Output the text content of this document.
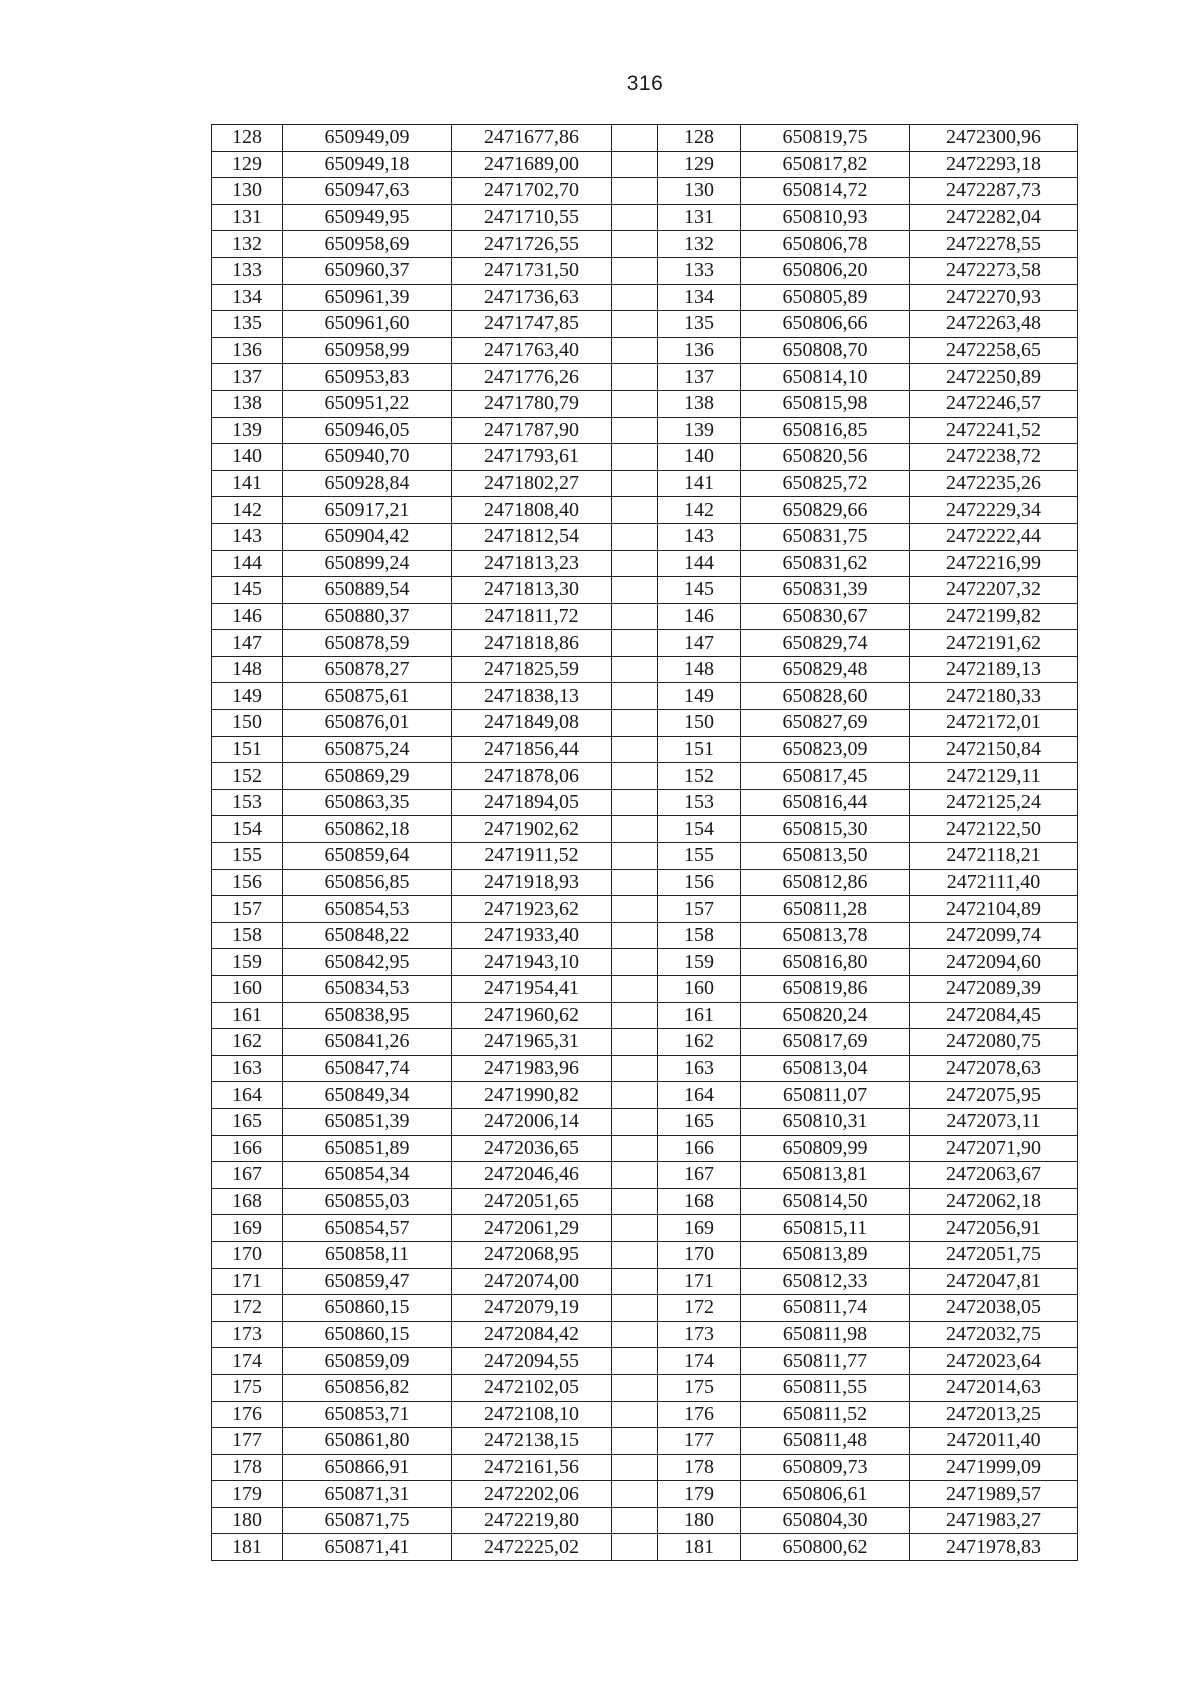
316
128	650949,09	2471677,86		128	650819,75	2472300,96
129	650949,18	2471689,00		129	650817,82	2472293,18
130	650947,63	2471702,70		130	650814,72	2472287,73
131	650949,95	2471710,55		131	650810,93	2472282,04
132	650958,69	2471726,55		132	650806,78	2472278,55
133	650960,37	2471731,50		133	650806,20	2472273,58
134	650961,39	2471736,63		134	650805,89	2472270,93
135	650961,60	2471747,85		135	650806,66	2472263,48
136	650958,99	2471763,40		136	650808,70	2472258,65
137	650953,83	2471776,26		137	650814,10	2472250,89
138	650951,22	2471780,79		138	650815,98	2472246,57
139	650946,05	2471787,90		139	650816,85	2472241,52
140	650940,70	2471793,61		140	650820,56	2472238,72
141	650928,84	2471802,27		141	650825,72	2472235,26
142	650917,21	2471808,40		142	650829,66	2472229,34
143	650904,42	2471812,54		143	650831,75	2472222,44
144	650899,24	2471813,23		144	650831,62	2472216,99
145	650889,54	2471813,30		145	650831,39	2472207,32
146	650880,37	2471811,72		146	650830,67	2472199,82
147	650878,59	2471818,86		147	650829,74	2472191,62
148	650878,27	2471825,59		148	650829,48	2472189,13
149	650875,61	2471838,13		149	650828,60	2472180,33
150	650876,01	2471849,08		150	650827,69	2472172,01
151	650875,24	2471856,44		151	650823,09	2472150,84
152	650869,29	2471878,06		152	650817,45	2472129,11
153	650863,35	2471894,05		153	650816,44	2472125,24
154	650862,18	2471902,62		154	650815,30	2472122,50
155	650859,64	2471911,52		155	650813,50	2472118,21
156	650856,85	2471918,93		156	650812,86	2472111,40
157	650854,53	2471923,62		157	650811,28	2472104,89
158	650848,22	2471933,40		158	650813,78	2472099,74
159	650842,95	2471943,10		159	650816,80	2472094,60
160	650834,53	2471954,41		160	650819,86	2472089,39
161	650838,95	2471960,62		161	650820,24	2472084,45
162	650841,26	2471965,31		162	650817,69	2472080,75
163	650847,74	2471983,96		163	650813,04	2472078,63
164	650849,34	2471990,82		164	650811,07	2472075,95
165	650851,39	2472006,14		165	650810,31	2472073,11
166	650851,89	2472036,65		166	650809,99	2472071,90
167	650854,34	2472046,46		167	650813,81	2472063,67
168	650855,03	2472051,65		168	650814,50	2472062,18
169	650854,57	2472061,29		169	650815,11	2472056,91
170	650858,11	2472068,95		170	650813,89	2472051,75
171	650859,47	2472074,00		171	650812,33	2472047,81
172	650860,15	2472079,19		172	650811,74	2472038,05
173	650860,15	2472084,42		173	650811,98	2472032,75
174	650859,09	2472094,55		174	650811,77	2472023,64
175	650856,82	2472102,05		175	650811,55	2472014,63
176	650853,71	2472108,10		176	650811,52	2472013,25
177	650861,80	2472138,15		177	650811,48	2472011,40
178	650866,91	2472161,56		178	650809,73	2471999,09
179	650871,31	2472202,06		179	650806,61	2471989,57
180	650871,75	2472219,80		180	650804,30	2471983,27
181	650871,41	2472225,02		181	650800,62	2471978,83
